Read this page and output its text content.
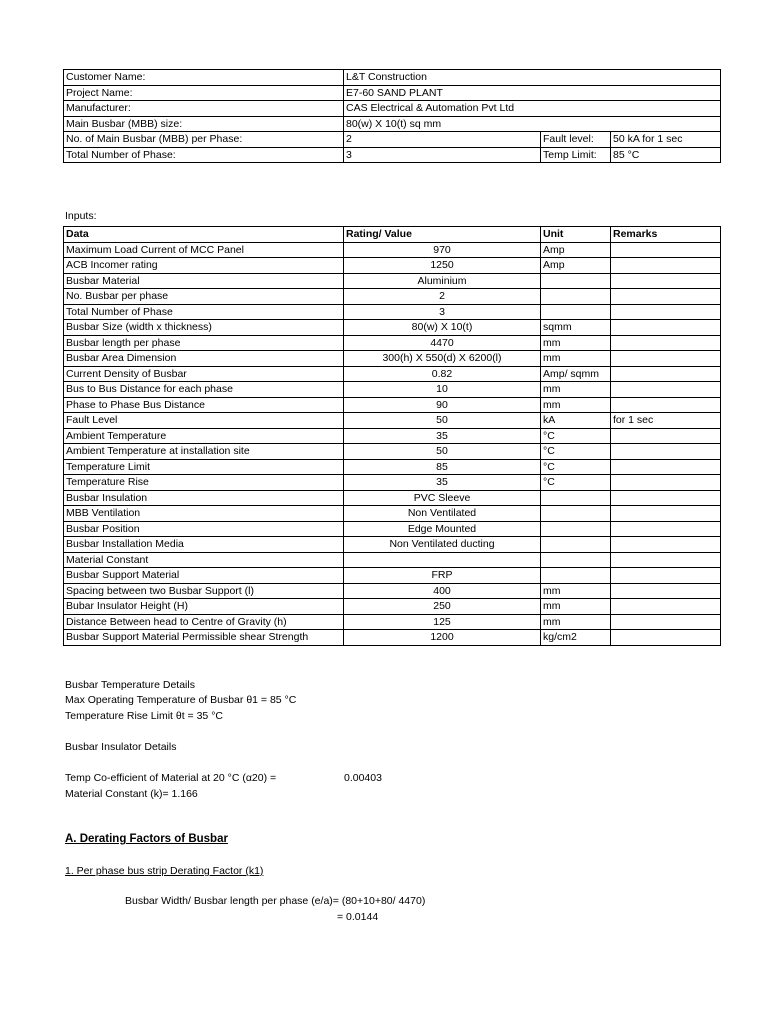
Customer Name:	L&T Construction		
Project Name:	E7-60 SAND PLANT		
Manufacturer:	CAS Electrical & Automation Pvt Ltd		
Main Busbar (MBB) size:	80(w) X 10(t) sq mm		
No. of Main Busbar (MBB) per Phase:	2	Fault level:	50 kA for 1 sec
Total Number of Phase:	3	Temp Limit:	85 °C
Inputs:
Data	Rating/ Value	Unit	Remarks
Maximum Load Current of MCC Panel	970	Amp	
ACB Incomer rating	1250	Amp	
Busbar Material	Aluminium		
No. Busbar per phase	2		
Total Number of Phase	3		
Busbar Size (width x thickness)	80(w) X 10(t)	sqmm	
Busbar length per phase	4470	mm	
Busbar Area Dimension	300(h) X 550(d) X 6200(l)	mm	
Current Density of Busbar	0.82	Amp/ sqmm	
Bus to Bus Distance for each phase	10	mm	
Phase to Phase Bus Distance	90	mm	
Fault Level	50	kA	for 1 sec
Ambient Temperature	35	°C	
Ambient Temperature at installation site	50	°C	
Temperature Limit	85	°C	
Temperature Rise	35	°C	
Busbar Insulation	PVC Sleeve		
MBB Ventilation	Non Ventilated		
Busbar Position	Edge Mounted		
Busbar Installation Media	Non Ventilated ducting		
Material Constant			
Busbar Support Material	FRP		
Spacing between two Busbar Support (l)	400	mm	
Bubar Insulator Height (H)	250	mm	
Distance Between head to Centre of Gravity (h)	125	mm	
Busbar Support Material Permissible shear Strength	1200	kg/cm2	
Busbar Temperature Details
Max Operating Temperature of Busbar θ1 = 85 °C
Temperature Rise Limit θt = 35 °C
Busbar Insulator Details
Temp Co-efficient of Material at 20 °C (α20) =	0.00403
Material Constant (k)= 1.166
A. Derating Factors of Busbar
1. Per phase bus strip Derating Factor (k1)
Busbar Width/ Busbar length per phase (e/a)= (80+10+80/ 4470)
= 0.0144
